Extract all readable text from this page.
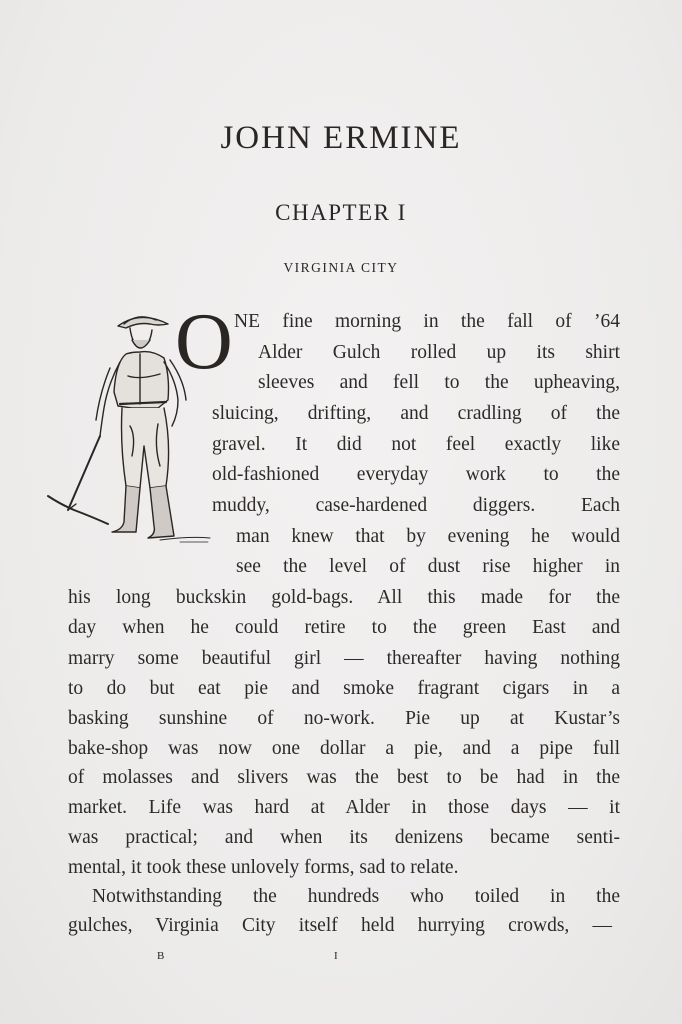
JOHN ERMINE
CHAPTER I
VIRGINIA CITY
O NE fine morning in the fall of ’64
Alder Gulch rolled up its shirt
sleeves and fell to the upheaving,
sluicing, drifting, and cradling of the
gravel. It did not feel exactly like
old-fashioned everyday work to the
muddy, case-hardened diggers. Each
man knew that by evening he would
see the level of dust rise higher in
his long buckskin gold-bags. All this made for the
day when he could retire to the green East and
marry some beautiful girl — thereafter having nothing
to do but eat pie and smoke fragrant cigars in a
basking sunshine of no-work. Pie up at Kustar’s
bake-shop was now one dollar a pie, and a pipe full
of molasses and slivers was the best to be had in the
market. Life was hard at Alder in those days — it
was practical; and when its denizens became senti-
mental, it took these unlovely forms, sad to relate.
Notwithstanding the hundreds who toiled in the
gulches, Virginia City itself held hurrying crowds, —
B	I
